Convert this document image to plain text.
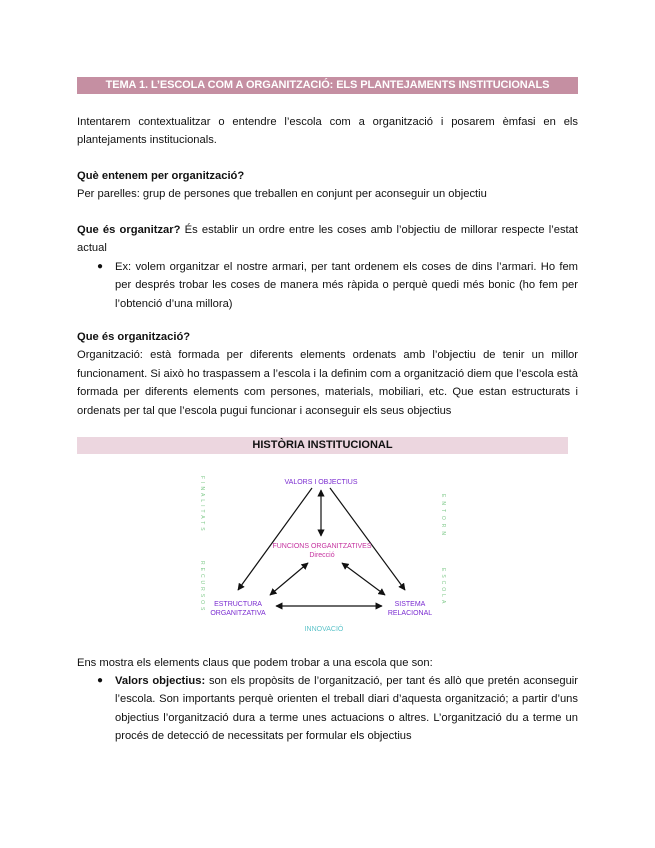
TEMA 1. L’ESCOLA COM A ORGANITZACIÓ: ELS PLANTEJAMENTS INSTITUCIONALS
Intentarem contextualitzar o entendre l’escola com a organització i posarem èmfasi en els plantejaments institucionals.
Què entenem per organització?
Per parelles: grup de persones que treballen en conjunt per aconseguir un objectiu
Que és organitzar? És establir un ordre entre les coses amb l’objectiu de millorar respecte l’estat actual
● Ex: volem organitzar el nostre armari, per tant ordenem els coses de dins l’armari. Ho fem per després trobar les coses de manera més ràpida o perquè quedi més bonic (ho fem per l’obtenció d’una millora)
Que és organització?
Organització: està formada per diferents elements ordenats amb l’objectiu de tenir un millor funcionament. Si això ho traspassem a l’escola i la definim com a organització diem que l’escola està formada per diferents elements com persones, materials, mobiliari, etc. Que estan estructurats i ordenats per tal que l’escola pugui funcionar i aconseguir els seus objectius
HISTÒRIA INSTITUCIONAL
VALORS I OBJECTIUS
FUNCIONS ORGANITZATIVES
Direcció
ESTRUCTURA
ORGANITZATIVA
SISTEMA
RELACIONAL
INNOVACIÓ
FINALITATS
RECURSOS
ENTORN
ESCOLA
Ens mostra els elements claus que podem trobar a una escola que son:
● Valors objectius: son els propòsits de l’organització, per tant és allò que pretén aconseguir l’escola. Son importants perquè orienten el treball diari d’aquesta organització; a partir d’uns objectius l’organització dura a terme unes actuacions o altres. L’organització du a terme un procés de detecció de necessitats per formular els objectius
